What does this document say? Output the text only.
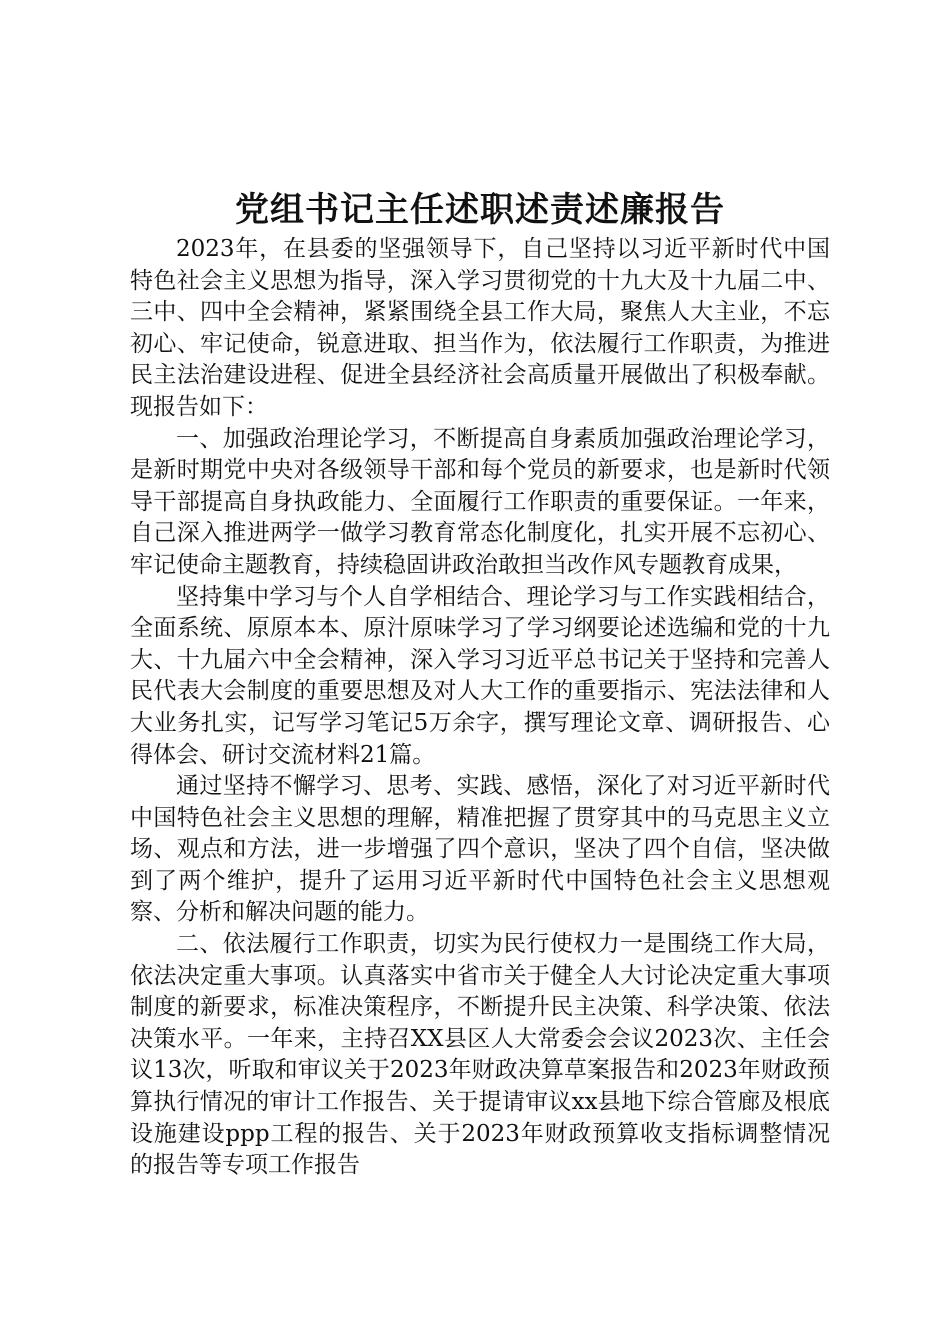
党组书记主任述职述责述廉报告

2023年，在县委的坚强领导下，自己坚持以习近平新时代中国特色社会主义思想为指导，深入学习贯彻党的十九大及十九届二中、三中、四中全会精神，紧紧围绕全县工作大局，聚焦人大主业，不忘初心、牢记使命，锐意进取、担当作为，依法履行工作职责，为推进民主法治建设进程、促进全县经济社会高质量开展做出了积极奉献。现报告如下：

一、加强政治理论学习，不断提高自身素质加强政治理论学习，是新时期党中央对各级领导干部和每个党员的新要求，也是新时代领导干部提高自身执政能力、全面履行工作职责的重要保证。一年来，自己深入推进两学一做学习教育常态化制度化，扎实开展不忘初心、牢记使命主题教育，持续稳固讲政治敢担当改作风专题教育成果，

坚持集中学习与个人自学相结合、理论学习与工作实践相结合，全面系统、原原本本、原汁原味学习了学习纲要论述选编和党的十九大、十九届六中全会精神，深入学习习近平总书记关于坚持和完善人民代表大会制度的重要思想及对人大工作的重要指示、宪法法律和人大业务扎实，记写学习笔记5万余字，撰写理论文章、调研报告、心得体会、研讨交流材料21篇。

通过坚持不懈学习、思考、实践、感悟，深化了对习近平新时代中国特色社会主义思想的理解，精准把握了贯穿其中的马克思主义立场、观点和方法，进一步增强了四个意识，坚决了四个自信，坚决做到了两个维护，提升了运用习近平新时代中国特色社会主义思想观察、分析和解决问题的能力。

二、依法履行工作职责，切实为民行使权力一是围绕工作大局，依法决定重大事项。认真落实中省市关于健全人大讨论决定重大事项制度的新要求，标准决策程序，不断提升民主决策、科学决策、依法决策水平。一年来，主持召XX县区人大常委会会议2023次、主任会议13次，听取和审议关于2023年财政决算草案报告和2023年财政预算执行情况的审计工作报告、关于提请审议xx县地下综合管廊及根底设施建设ppp工程的报告、关于2023年财政预算收支指标调整情况的报告等专项工作报告
